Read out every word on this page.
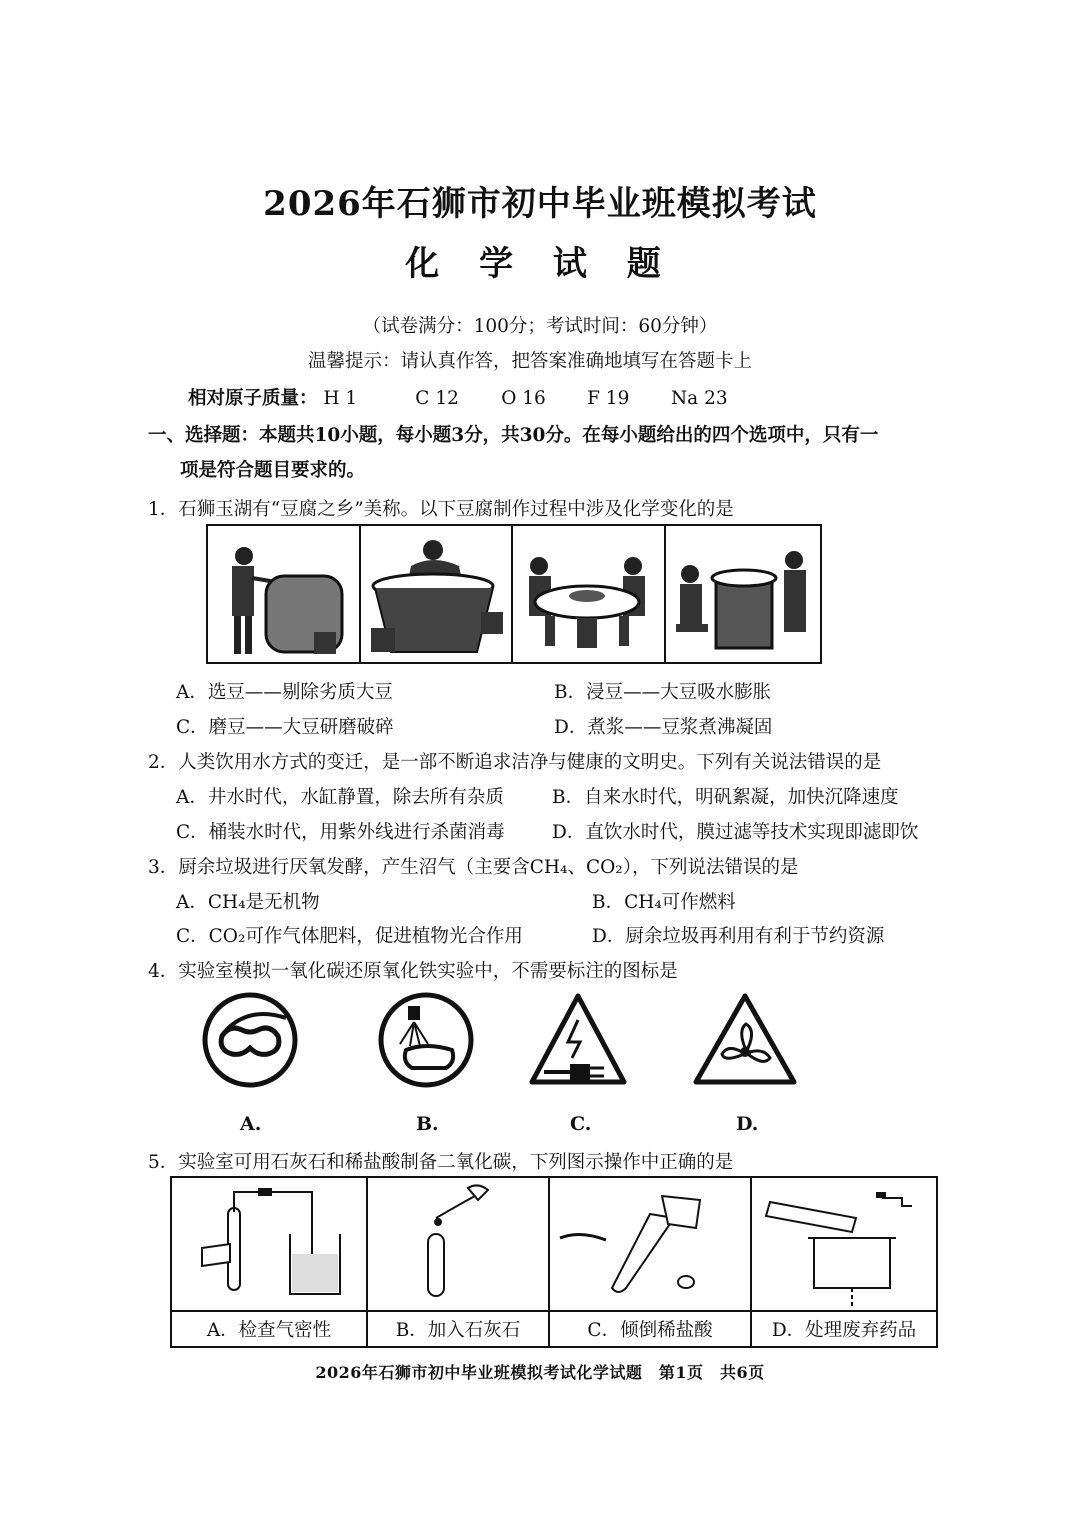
2026年石狮市初中毕业班模拟考试
化 学 试 题
（试卷满分：100分；考试时间：60分钟）
温馨提示：请认真作答，把答案准确地填写在答题卡上
相对原子质量： H 1	C 12 O 16 F 19 Na 23
一、选择题：本题共10小题，每小题3分，共30分。在每小题给出的四个选项中，只有一
项是符合题目要求的。
1．石狮玉湖有“豆腐之乡”美称。以下豆腐制作过程中涉及化学变化的是
A．选豆——剔除劣质大豆	B．浸豆——大豆吸水膨胀
C．磨豆——大豆研磨破碎	D．煮浆——豆浆煮沸凝固
2．人类饮用水方式的变迁，是一部不断追求洁净与健康的文明史。下列有关说法错误的是
A．井水时代，水缸静置，除去所有杂质	B．自来水时代，明矾絮凝，加快沉降速度
C．桶装水时代，用紫外线进行杀菌消毒	D．直饮水时代，膜过滤等技术实现即滤即饮
3．厨余垃圾进行厌氧发酵，产生沼气（主要含CH₄、CO₂），下列说法错误的是
A．CH₄是无机物	B．CH₄可作燃料
C．CO₂可作气体肥料，促进植物光合作用	D．厨余垃圾再利用有利于节约资源
4．实验室模拟一氧化碳还原氧化铁实验中，不需要标注的图标是
A.	B.	C.	D.
5．实验室可用石灰石和稀盐酸制备二氧化碳，下列图示操作中正确的是
A．检查气密性	B．加入石灰石	C．倾倒稀盐酸	D．处理废弃药品
2026年石狮市初中毕业班模拟考试化学试题　第1页　共6页
